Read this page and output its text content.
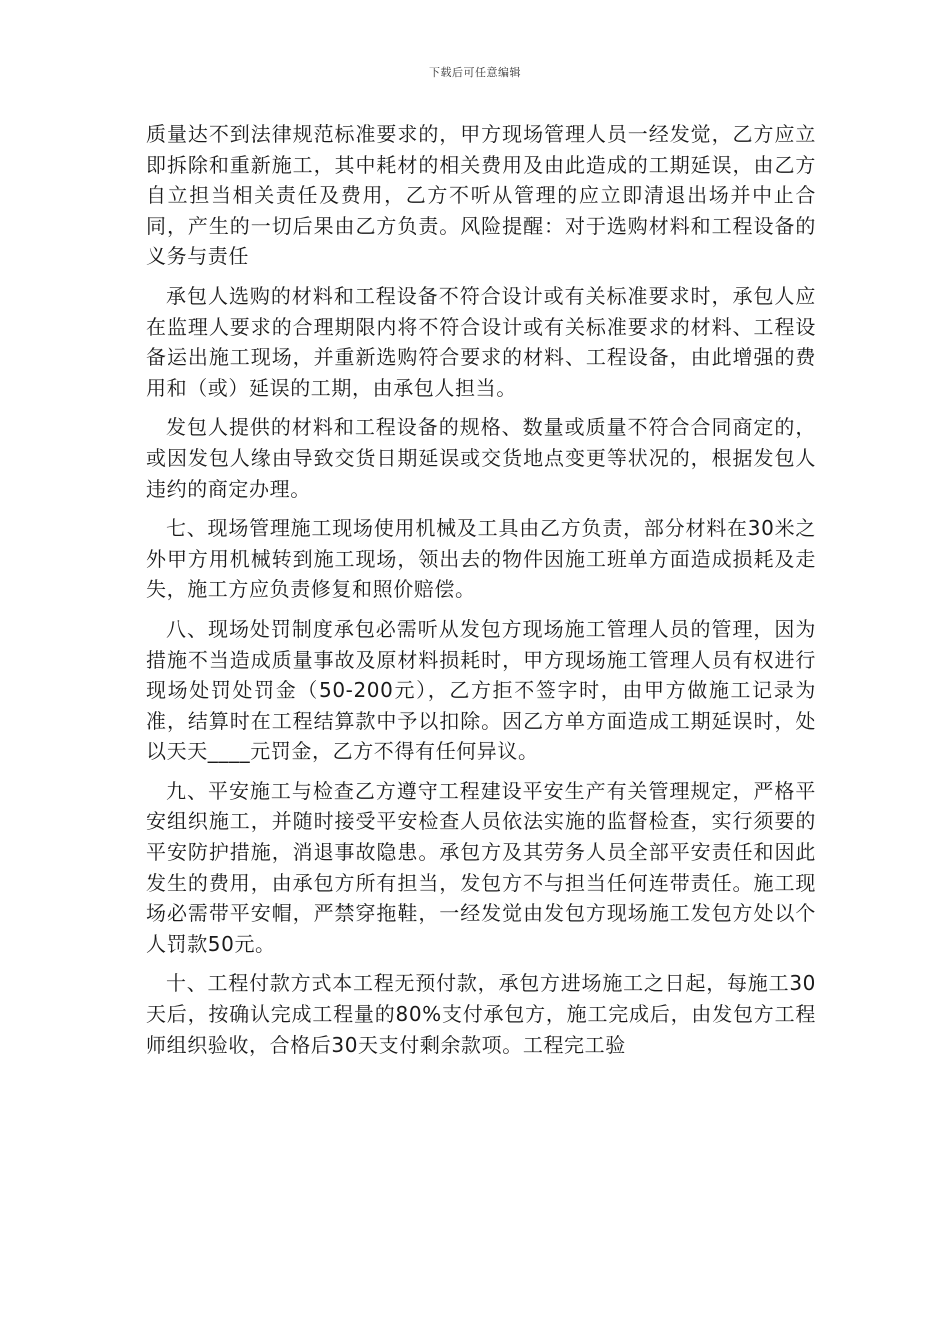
下载后可任意编辑

质量达不到法律规范标准要求的，甲方现场管理人员一经发觉，乙方应立即拆除和重新施工，其中耗材的相关费用及由此造成的工期延误，由乙方自立担当相关责任及费用，乙方不听从管理的应立即清退出场并中止合同，产生的一切后果由乙方负责。风险提醒：对于选购材料和工程设备的义务与责任

承包人选购的材料和工程设备不符合设计或有关标准要求时，承包人应在监理人要求的合理期限内将不符合设计或有关标准要求的材料、工程设备运出施工现场，并重新选购符合要求的材料、工程设备，由此增强的费用和（或）延误的工期，由承包人担当。

发包人提供的材料和工程设备的规格、数量或质量不符合合同商定的，或因发包人缘由导致交货日期延误或交货地点变更等状况的，根据发包人违约的商定办理。

七、现场管理施工现场使用机械及工具由乙方负责，部分材料在30米之外甲方用机械转到施工现场，领出去的物件因施工班单方面造成损耗及走失，施工方应负责修复和照价赔偿。

八、现场处罚制度承包必需听从发包方现场施工管理人员的管理，因为措施不当造成质量事故及原材料损耗时，甲方现场施工管理人员有权进行现场处罚处罚金（50-200元），乙方拒不签字时，由甲方做施工记录为准，结算时在工程结算款中予以扣除。因乙方单方面造成工期延误时，处以天天____元罚金，乙方不得有任何异议。

九、平安施工与检查乙方遵守工程建设平安生产有关管理规定，严格平安组织施工，并随时接受平安检查人员依法实施的监督检查，实行须要的平安防护措施，消退事故隐患。承包方及其劳务人员全部平安责任和因此发生的费用，由承包方所有担当，发包方不与担当任何连带责任。施工现场必需带平安帽，严禁穿拖鞋，一经发觉由发包方现场施工发包方处以个人罚款50元。

十、工程付款方式本工程无预付款，承包方进场施工之日起，每施工30天后，按确认完成工程量的80%支付承包方，施工完成后，由发包方工程师组织验收，合格后30天支付剩余款项。工程完工验
